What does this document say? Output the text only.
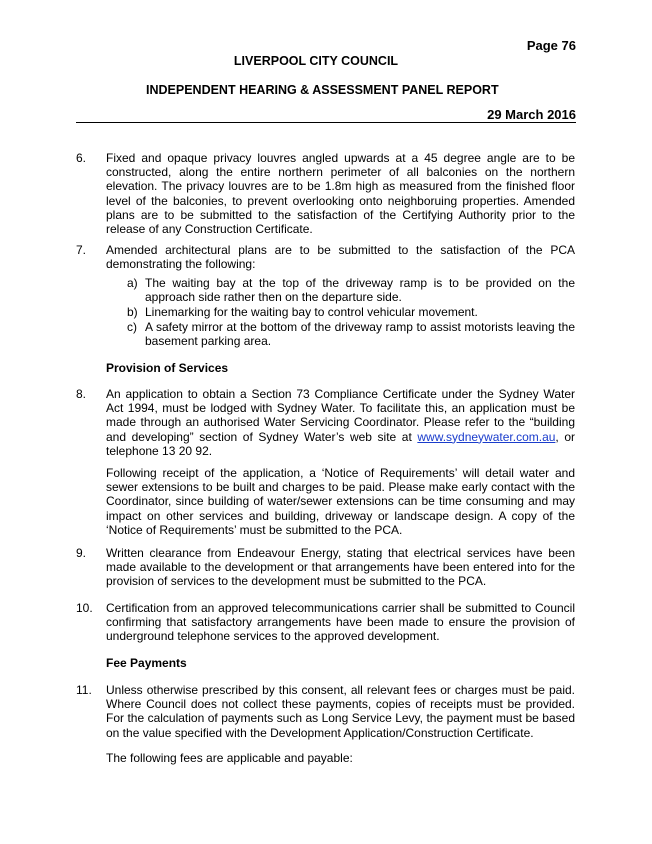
Page 76
LIVERPOOL CITY COUNCIL
INDEPENDENT HEARING & ASSESSMENT PANEL REPORT
29 March 2016
6. Fixed and opaque privacy louvres angled upwards at a 45 degree angle are to be constructed, along the entire northern perimeter of all balconies on the northern elevation. The privacy louvres are to be 1.8m high as measured from the finished floor level of the balconies, to prevent overlooking onto neighboruing properties. Amended plans are to be submitted to the satisfaction of the Certifying Authority prior to the release of any Construction Certificate.
7. Amended architectural plans are to be submitted to the satisfaction of the PCA demonstrating the following:
a) The waiting bay at the top of the driveway ramp is to be provided on the approach side rather then on the departure side.
b) Linemarking for the waiting bay to control vehicular movement.
c) A safety mirror at the bottom of the driveway ramp to assist motorists leaving the basement parking area.
Provision of Services
8. An application to obtain a Section 73 Compliance Certificate under the Sydney Water Act 1994, must be lodged with Sydney Water. To facilitate this, an application must be made through an authorised Water Servicing Coordinator. Please refer to the “building and developing” section of Sydney Water’s web site at www.sydneywater.com.au, or telephone 13 20 92.
Following receipt of the application, a ‘Notice of Requirements’ will detail water and sewer extensions to be built and charges to be paid. Please make early contact with the Coordinator, since building of water/sewer extensions can be time consuming and may impact on other services and building, driveway or landscape design. A copy of the ‘Notice of Requirements’ must be submitted to the PCA.
9. Written clearance from Endeavour Energy, stating that electrical services have been made available to the development or that arrangements have been entered into for the provision of services to the development must be submitted to the PCA.
10. Certification from an approved telecommunications carrier shall be submitted to Council confirming that satisfactory arrangements have been made to ensure the provision of underground telephone services to the approved development.
Fee Payments
11. Unless otherwise prescribed by this consent, all relevant fees or charges must be paid. Where Council does not collect these payments, copies of receipts must be provided. For the calculation of payments such as Long Service Levy, the payment must be based on the value specified with the Development Application/Construction Certificate.
The following fees are applicable and payable:
